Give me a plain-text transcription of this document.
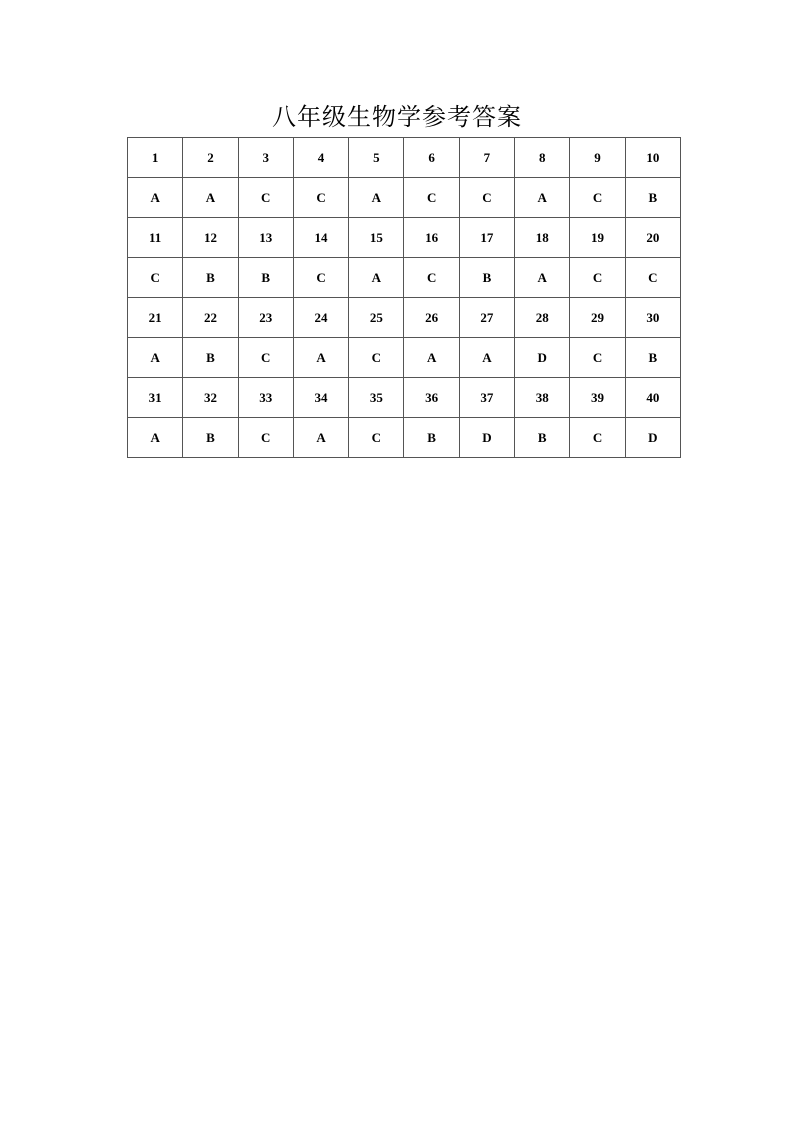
八年级生物学参考答案
1	2	3	4	5	6	7	8	9	10
A	A	C	C	A	C	C	A	C	B
11	12	13	14	15	16	17	18	19	20
C	B	B	C	A	C	B	A	C	C
21	22	23	24	25	26	27	28	29	30
A	B	C	A	C	A	A	D	C	B
31	32	33	34	35	36	37	38	39	40
A	B	C	A	C	B	D	B	C	D
